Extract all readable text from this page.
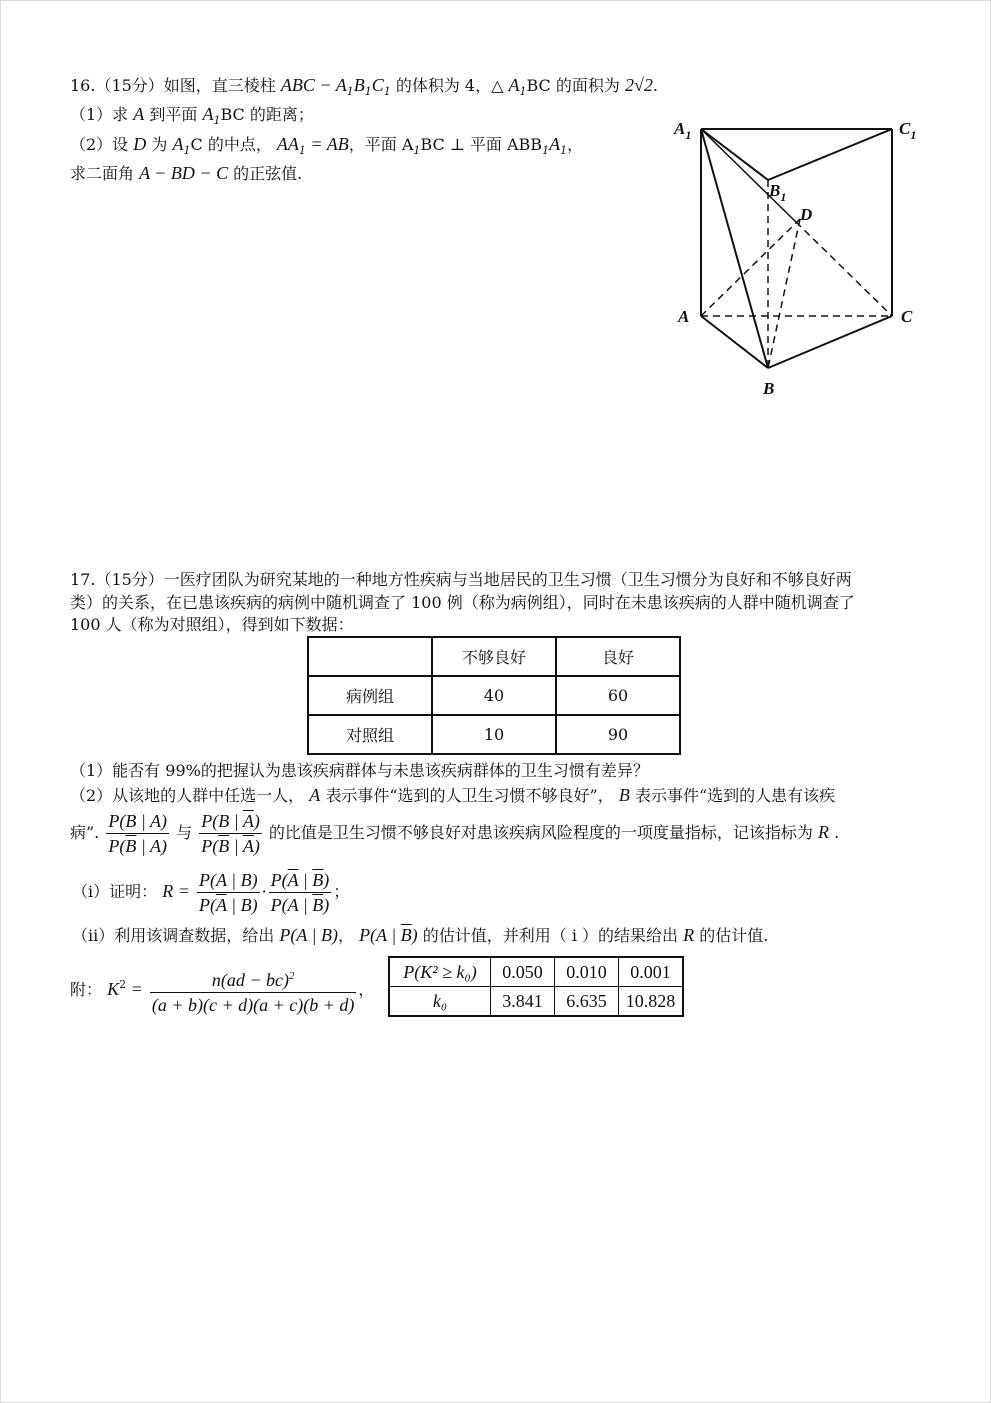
16.（15分）如图，直三棱柱 ABC − $A_1B_1C_1$ 的体积为 4，△ $A_1BC$ 的面积为 2√2.
（1）求 A 到平面 $A_1BC$ 的距离；
（2）设 D 为 $A_1C$ 的中点， $AA_1$ = AB，平面 $A_1BC$ ⊥ 平面 $ABB_1A_1$，
求二面角 A − BD − C 的正弦值.
$A_1$	$C_1$
$B_1$
D
A	C
B
17.（15分）一医疗团队为研究某地的一种地方性疾病与当地居民的卫生习惯（卫生习惯分为良好和不够良好两
类）的关系，在已患该疾病的病例中随机调查了 100 例（称为病例组），同时在未患该疾病的人群中随机调查了
100 人（称为对照组），得到如下数据：
	不够良好	良好
病例组	40	60
对照组	10	90
（1）能否有 99%的把握认为患该疾病群体与未患该疾病群体的卫生习惯有差异？
（2）从该地的人群中任选一人， A 表示事件“选到的人卫生习惯不够良好”， B 表示事件“选到的人患有该疾
病”. $\frac{P(B | A)}{P(\overline{B} | A)}$ 与 $\frac{P(B | \overline{A})}{P(\overline{B} | \overline{A})}$ 的比值是卫生习惯不够良好对患该疾病风险程度的一项度量指标，记该指标为 R .
（i）证明： $R = \frac{P(A | B)}{P(\overline{A} | B)} \cdot \frac{P(\overline{A} | \overline{B})}{P(A | \overline{B})}$ ；
（ii）利用该调查数据，给出 P(A | B)， P(A | $\overline{B}$) 的估计值，并利用（ i ）的结果给出 R 的估计值.
附： $K^2 = \frac{n(ad - bc)^2}{(a + b)(c + d)(a + c)(b + d)}$ ，
P(K² ≥ k₀)	0.050	0.010	0.001
k₀	3.841	6.635	10.828
